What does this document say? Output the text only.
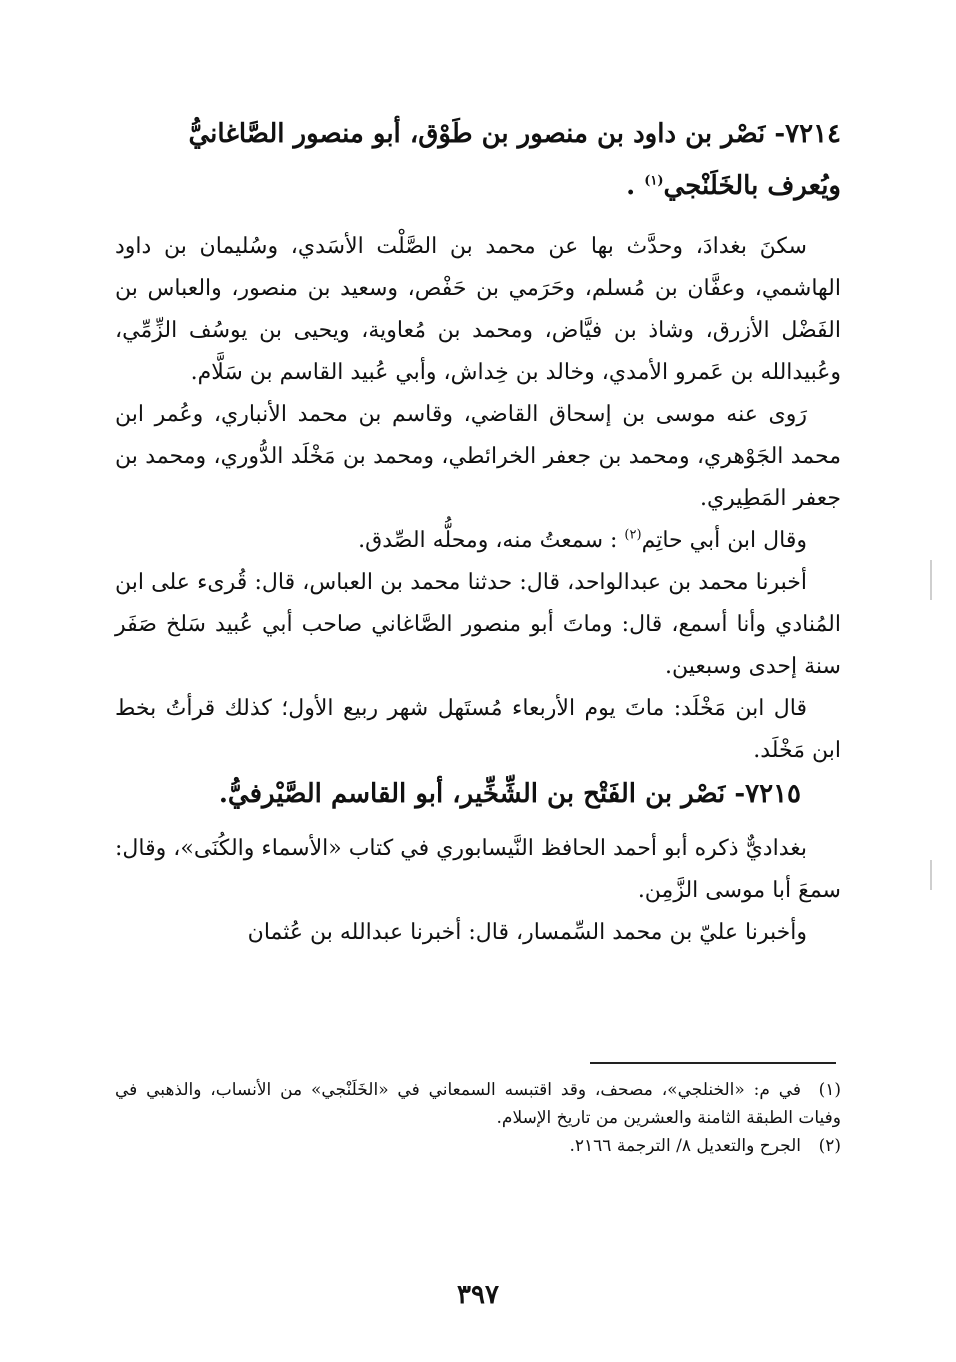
٧٢١٤- نَصْر بن داود بن منصور بن طَوْق، أبو منصور الصَّاغانيُّ
ويُعرف بالخَلَنْجي$^{(١)}$ .

سكنَ بغدادَ، وحدَّث بها عن محمد بن الصَّلْت الأسَدي، وسُليمان بن داود الهاشمي، وعفَّان بن مُسلم، وحَرَمي بن حَفْص، وسعيد بن منصور، والعباس بن الفَضْل الأزرق، وشاذ بن فيَّاض، ومحمد بن مُعاوية، ويحيى بن يوسُف الزِّمِّي، وعُبيدالله بن عَمرو الأمدي، وخالد بن خِداش، وأبي عُبيد القاسم بن سَلَّام.

رَوى عنه موسى بن إسحاق القاضي، وقاسم بن محمد الأنباري، وعُمر ابن محمد الجَوْهري، ومحمد بن جعفر الخرائطي، ومحمد بن مَخْلَد الدُّوري، ومحمد بن جعفر المَطِيري.

وقال ابن أبي حاتِم$^{(٢)}$ : سمعتُ منه، ومحلُّه الصِّدق.

أخبرنا محمد بن عبدالواحد، قال: حدثنا محمد بن العباس، قال: قُرىء على ابن المُنادي وأنا أسمع، قال: وماتَ أبو منصور الصَّاغاني صاحب أبي عُبيد سَلخ صَفَر سنة إحدى وسبعين.

قال ابن مَخْلَد: ماتَ يوم الأربعاء مُستَهل شهر ربيع الأول؛ كذلك قرأتُ بخط ابن مَخْلَد.

٧٢١٥- نَصْر بن الفَتْح بن الشِّخِّير، أبو القاسم الصَّيْرفيُّ.

بغداديٌّ ذكره أبو أحمد الحافظ النَّيسابوري في كتاب «الأسماء والكُنَى»، وقال: سمعَ أبا موسى الزَّمِن.

وأخبرنا عليّ بن محمد السِّمسار، قال: أخبرنا عبدالله بن عُثمان

(١)في م: «الخنلجي»، مصحف، وقد اقتبسه السمعاني في «الخَلَنْجي» من الأنساب، والذهبي في وفيات الطبقة الثامنة والعشرين من تاريخ الإسلام.

(٢)الجرح والتعديل ٨/ الترجمة ٢١٦٦.

٣٩٧
